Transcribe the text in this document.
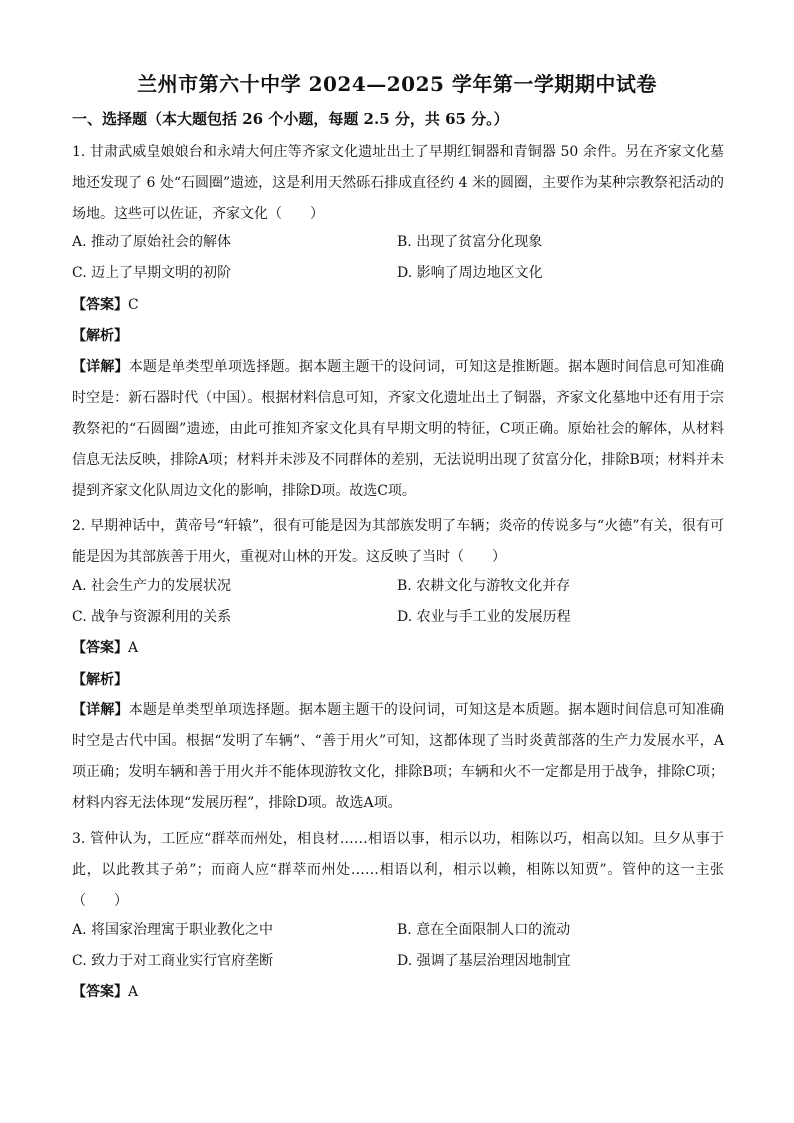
兰州市第六十中学 2024—2025 学年第一学期期中试卷
一、选择题（本大题包括 26 个小题，每题 2.5 分，共 65 分。）
1. 甘肃武威皇娘娘台和永靖大何庄等齐家文化遗址出土了早期红铜器和青铜器 50 余件。另在齐家文化墓地还发现了 6 处“石圆圈”遗迹，这是利用天然砾石排成直径约 4 米的圆圈，主要作为某种宗教祭祀活动的场地。这些可以佐证，齐家文化（　　）
A. 推动了原始社会的解体	B. 出现了贫富分化现象
C. 迈上了早期文明的初阶	D. 影响了周边地区文化
【答案】C
【解析】
【详解】本题是单类型单项选择题。据本题主题干的设问词，可知这是推断题。据本题时间信息可知准确时空是：新石器时代（中国）。根据材料信息可知，齐家文化遗址出土了铜器，齐家文化墓地中还有用于宗教祭祀的“石圆圈”遗迹，由此可推知齐家文化具有早期文明的特征，C项正确。原始社会的解体，从材料信息无法反映，排除A项；材料并未涉及不同群体的差别，无法说明出现了贫富分化，排除B项；材料并未提到齐家文化队周边文化的影响，排除D项。故选C项。
2. 早期神话中，黄帝号“轩辕”，很有可能是因为其部族发明了车辆；炎帝的传说多与“火德”有关，很有可能是因为其部族善于用火，重视对山林的开发。这反映了当时（　　）
A. 社会生产力的发展状况	B. 农耕文化与游牧文化并存
C. 战争与资源利用的关系	D. 农业与手工业的发展历程
【答案】A
【解析】
【详解】本题是单类型单项选择题。据本题主题干的设问词，可知这是本质题。据本题时间信息可知准确时空是古代中国。根据“发明了车辆”、“善于用火”可知，这都体现了当时炎黄部落的生产力发展水平，A项正确；发明车辆和善于用火并不能体现游牧文化，排除B项；车辆和火不一定都是用于战争，排除C项；材料内容无法体现“发展历程”，排除D项。故选A项。
3. 管仲认为，工匠应“群萃而州处，相良材……相语以事，相示以功，相陈以巧，相高以知。旦夕从事于此，以此教其子弟”；而商人应“群萃而州处……相语以利，相示以赖，相陈以知贾”。管仲的这一主张（　　）
A. 将国家治理寓于职业教化之中	B. 意在全面限制人口的流动
C. 致力于对工商业实行官府垄断	D. 强调了基层治理因地制宜
【答案】A
